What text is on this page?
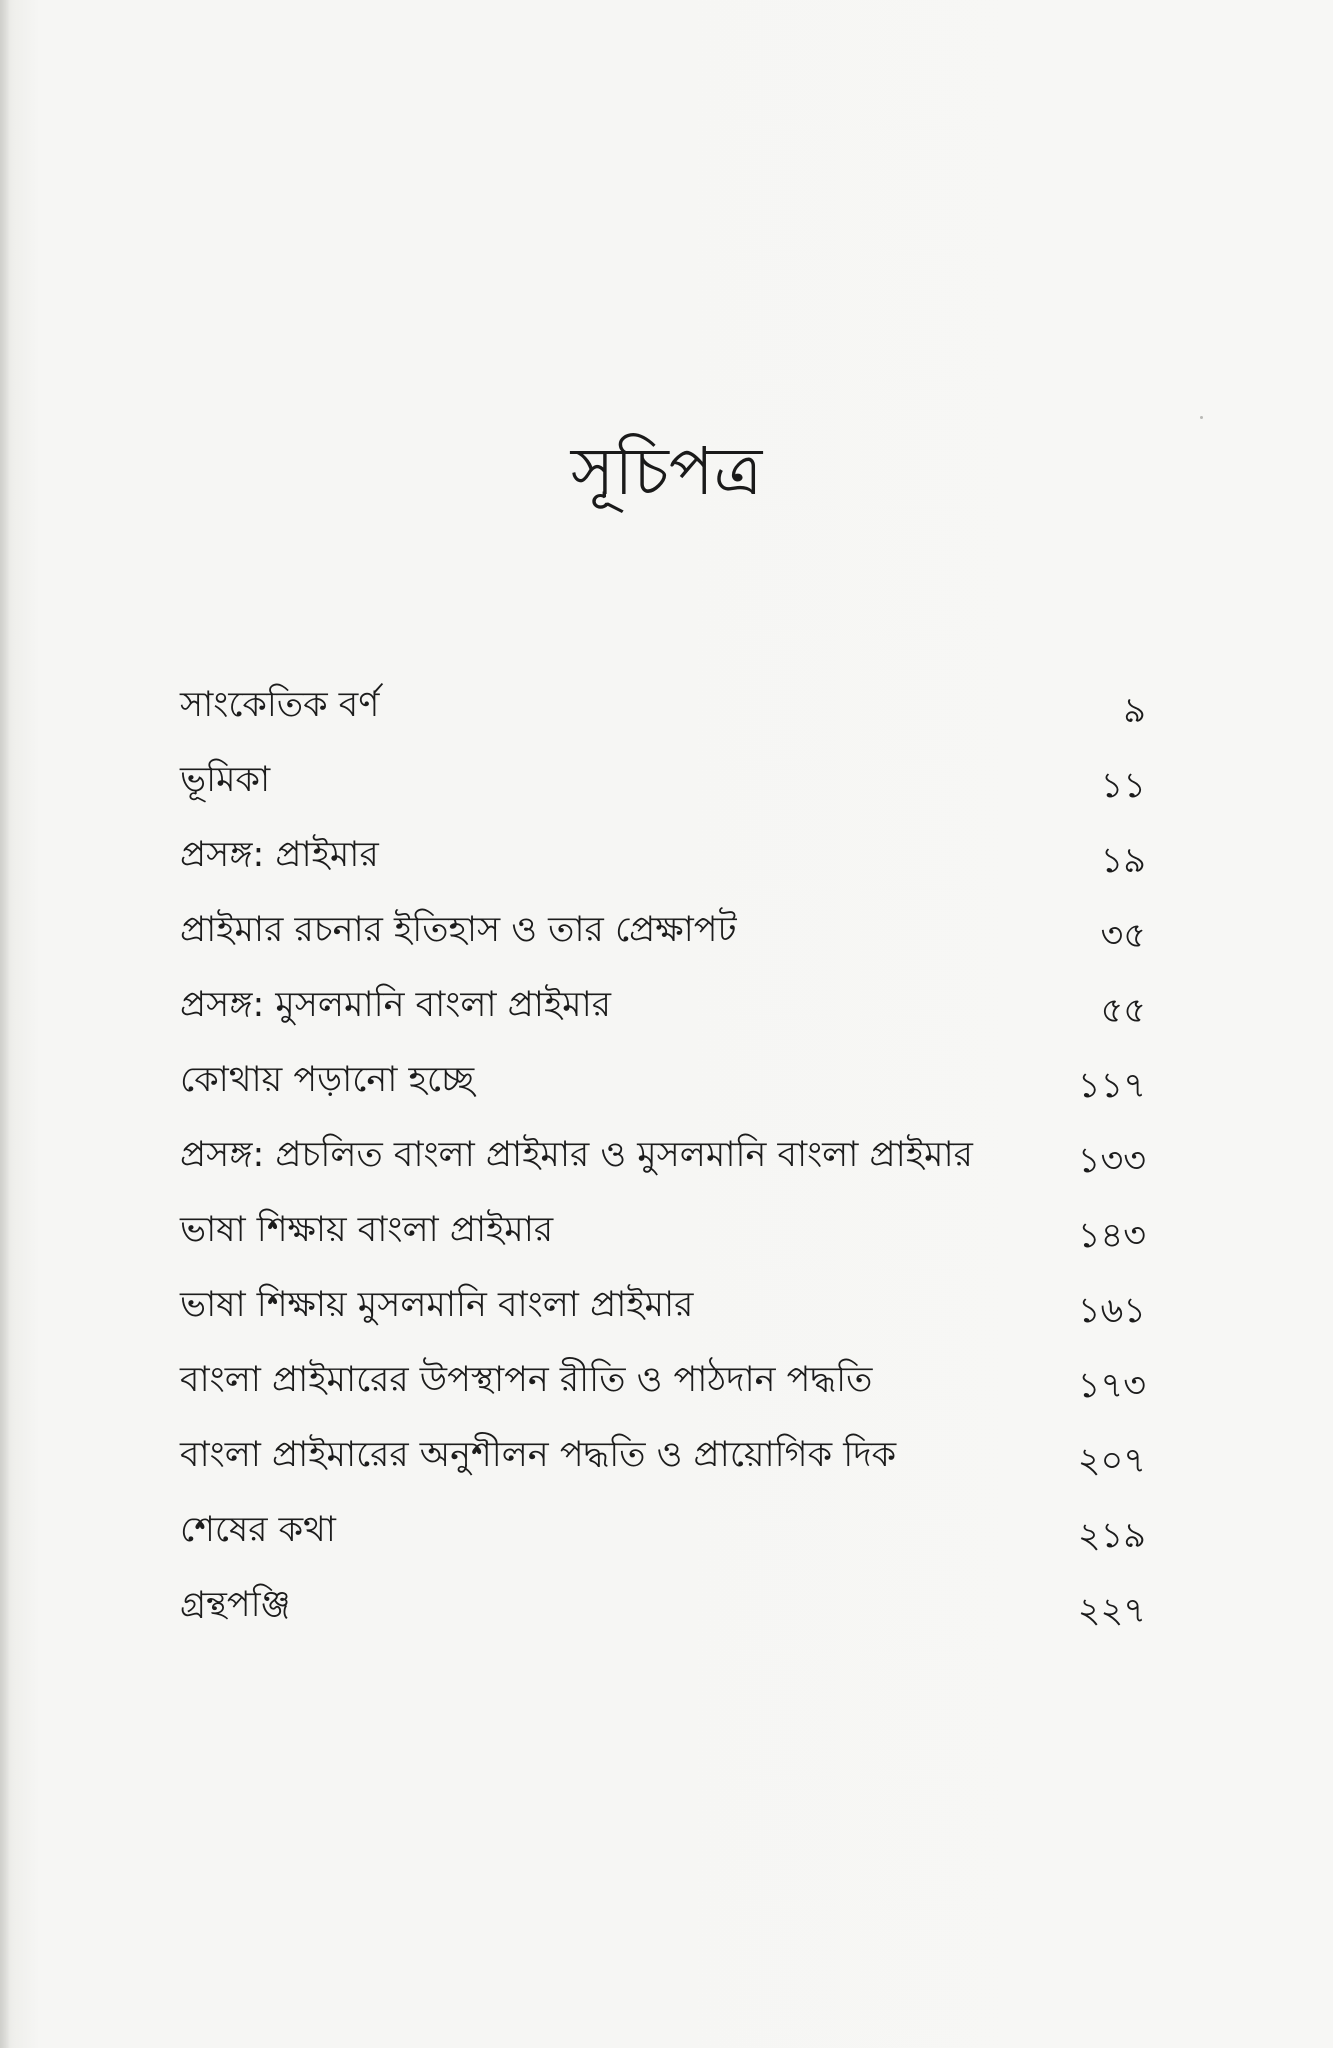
সূচিপত্র
সাংকেতিক বর্ণ	৯
ভূমিকা	১১
প্রসঙ্গ: প্রাইমার	১৯
প্রাইমার রচনার ইতিহাস ও তার প্রেক্ষাপট	৩৫
প্রসঙ্গ: মুসলমানি বাংলা প্রাইমার	৫৫
কোথায় পড়ানো হচ্ছে	১১৭
প্রসঙ্গ: প্রচলিত বাংলা প্রাইমার ও মুসলমানি বাংলা প্রাইমার	১৩৩
ভাষা শিক্ষায় বাংলা প্রাইমার	১৪৩
ভাষা শিক্ষায় মুসলমানি বাংলা প্রাইমার	১৬১
বাংলা প্রাইমারের উপস্থাপন রীতি ও পাঠদান পদ্ধতি	১৭৩
বাংলা প্রাইমারের অনুশীলন পদ্ধতি ও প্রায়োগিক দিক	২০৭
শেষের কথা	২১৯
গ্রন্থপঞ্জি	২২৭
